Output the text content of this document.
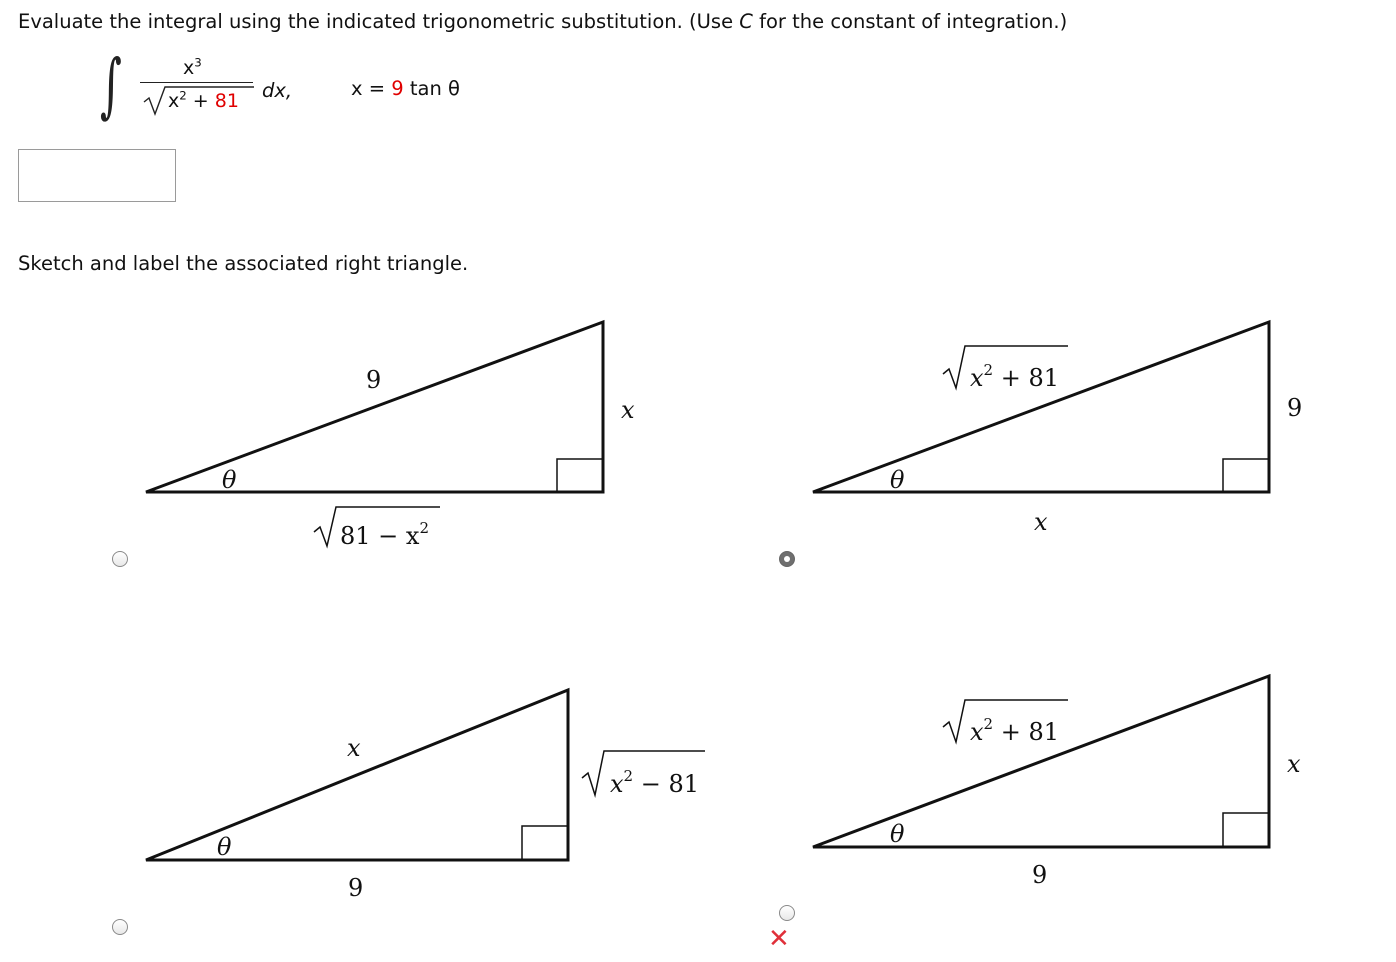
Evaluate the integral using the indicated trigonometric substitution. (Use C for the constant of integration.)
∫	$x^3$
$x^2 + 81$ dx,	x = 9 tan θ
Sketch and label the associated right triangle.
9
x
θ
$81 - x^2$
$x^2 + 81$
9
θ
x
x
$x^2 - 81$
θ
9
$x^2 + 81$
x
θ
9
✕
